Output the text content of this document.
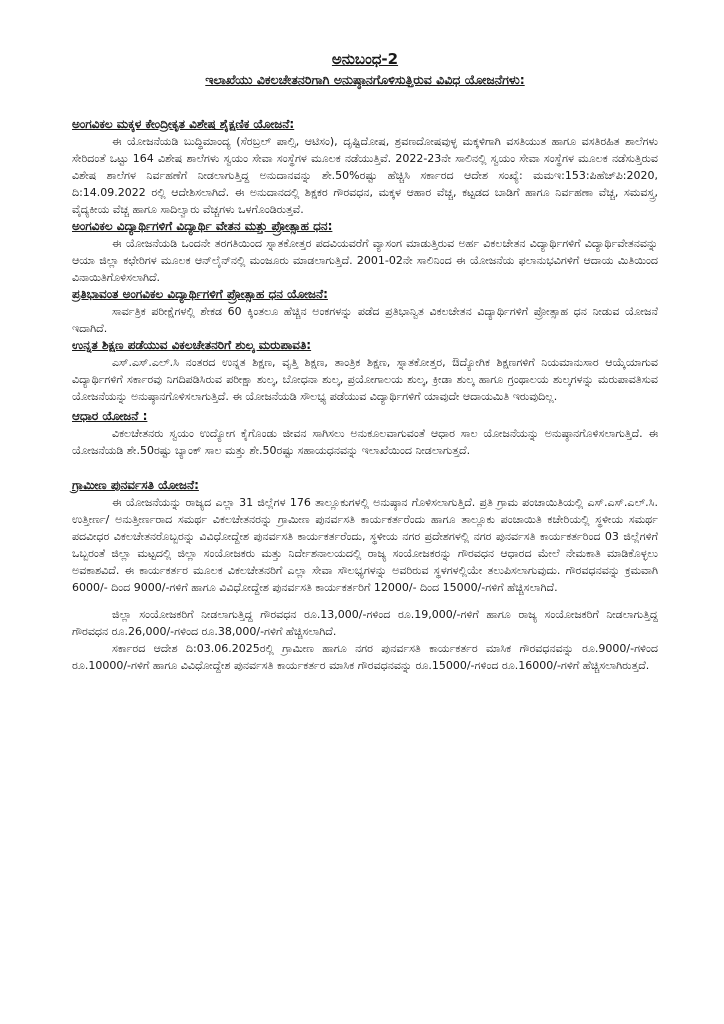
ಅನುಬಂಧ-2
ಇಲಾಖೆಯು ವಿಕಲಚೇತನರಿಗಾಗಿ ಅನುಷ್ಠಾನಗೊಳಿಸುತ್ತಿರುವ ವಿವಿಧ ಯೋಜನೆಗಳು:

ಅಂಗವಿಕಲ ಮಕ್ಕಳ ಕೇಂದ್ರೀಕೃತ ವಿಶೇಷ ಶೈಕ್ಷಣಿಕ ಯೋಜನೆ:

ಈ ಯೋಜನೆಯಡಿ ಬುದ್ಧಿಮಾಂದ್ಯ (ಸೆರಬ್ರಲ್ ಪಾಲ್ಸಿ, ಆಟಿಸಂ), ದೃಷ್ಟಿದೋಷ, ಶ್ರವಣದೋಷವುಳ್ಳ ಮಕ್ಕಳಿಗಾಗಿ ವಸತಿಯುತ ಹಾಗೂ ವಸತಿರಹಿತ ಶಾಲೆಗಳು ಸೇರಿದಂತೆ ಒಟ್ಟು 164 ವಿಶೇಷ ಶಾಲೆಗಳು ಸ್ವಯಂ ಸೇವಾ ಸಂಸ್ಥೆಗಳ ಮೂಲಕ ನಡೆಯುತ್ತಿವೆ. 2022-23ನೇ ಸಾಲಿನಲ್ಲಿ ಸ್ವಯಂ ಸೇವಾ ಸಂಸ್ಥೆಗಳ ಮೂಲಕ ನಡೆಸುತ್ತಿರುವ ವಿಶೇಷ ಶಾಲೆಗಳ ನಿರ್ವಹಣೆಗೆ ನೀಡಲಾಗುತ್ತಿದ್ದ ಅನುದಾನವನ್ನು ಶೇ.50%ರಷ್ಟು ಹೆಚ್ಚಿಸಿ ಸರ್ಕಾರದ ಆದೇಶ ಸಂಖ್ಯೆ: ಮಮಇ:153:ಪಿಹೆಚ್‌ಪಿ:2020, ದಿ:14.09.2022 ರಲ್ಲಿ ಆದೇಶಿಸಲಾಗಿದೆ. ಈ ಅನುದಾನದಲ್ಲಿ ಶಿಕ್ಷಕರ ಗೌರವಧನ, ಮಕ್ಕಳ ಆಹಾರ ವೆಚ್ಚ, ಕಟ್ಟಡದ ಬಾಡಿಗೆ ಹಾಗೂ ನಿರ್ವಹಣಾ ವೆಚ್ಚ, ಸಮವಸ್ತ್ರ, ವೈದ್ಯಕೀಯ ವೆಚ್ಚ ಹಾಗೂ ಸಾದಿಲ್ವಾರು ವೆಚ್ಚಗಳು ಒಳಗೊಂಡಿರುತ್ತವೆ.

ಅಂಗವಿಕಲ ವಿದ್ಯಾರ್ಥಿಗಳಿಗೆ ವಿದ್ಯಾರ್ಥಿ ವೇತನ ಮತ್ತು ಪ್ರೋತ್ಸಾಹ ಧನ:

ಈ ಯೋಜನೆಯಡಿ ಒಂದನೇ ತರಗತಿಯಿಂದ ಸ್ನಾತಕೋತ್ತರ ಪದವಿಯವರೆಗೆ ವ್ಯಾಸಂಗ ಮಾಡುತ್ತಿರುವ ಅರ್ಹ ವಿಕಲಚೇತನ ವಿದ್ಯಾರ್ಥಿಗಳಿಗೆ ವಿದ್ಯಾರ್ಥಿವೇತನವನ್ನು ಆಯಾ ಜಿಲ್ಲಾ ಕಛೇರಿಗಳ ಮೂಲಕ ಆನ್‌ಲೈನ್‌ನಲ್ಲಿ ಮಂಜೂರು ಮಾಡಲಾಗುತ್ತಿದೆ. 2001-02ನೇ ಸಾಲಿನಿಂದ ಈ ಯೋಜನೆಯ ಫಲಾನುಭವಿಗಳಿಗೆ ಆದಾಯ ಮಿತಿಯಿಂದ ವಿನಾಯಿತಿಗೊಳಿಸಲಾಗಿದೆ.

ಪ್ರತಿಭಾವಂತ ಅಂಗವಿಕಲ ವಿದ್ಯಾರ್ಥಿಗಳಿಗೆ ಪ್ರೋತ್ಸಾಹ ಧನ ಯೋಜನೆ:

ಸಾರ್ವತ್ರಿಕ ಪರೀಕ್ಷೆಗಳಲ್ಲಿ ಶೇಕಡ 60 ಕ್ಕಿಂತಲೂ ಹೆಚ್ಚಿನ ಅಂಕಗಳನ್ನು ಪಡೆದ ಪ್ರತಿಭಾನ್ವಿತ ವಿಕಲಚೇತನ ವಿದ್ಯಾರ್ಥಿಗಳಿಗೆ ಪ್ರೋತ್ಸಾಹ ಧನ ನೀಡುವ ಯೋಜನೆ ಇದಾಗಿದೆ.

ಉನ್ನತ ಶಿಕ್ಷಣ ಪಡೆಯುವ ವಿಕಲಚೇತನರಿಗೆ ಶುಲ್ಕ ಮರುಪಾವತಿ:

ಎಸ್.ಎಸ್.ಎಲ್.ಸಿ ನಂತರದ ಉನ್ನತ ಶಿಕ್ಷಣ, ವೃತ್ತಿ ಶಿಕ್ಷಣ, ತಾಂತ್ರಿಕ ಶಿಕ್ಷಣ, ಸ್ನಾತಕೋತ್ತರ, ಔದ್ಯೋಗಿಕ ಶಿಕ್ಷಣಗಳಿಗೆ ನಿಯಮಾನುಸಾರ ಆಯ್ಕೆಯಾಗುವ ವಿದ್ಯಾರ್ಥಿಗಳಿಗೆ ಸರ್ಕಾರವು ನಿಗದಿಪಡಿಸಿರುವ ಪರೀಕ್ಷಾ ಶುಲ್ಕ, ಬೋಧನಾ ಶುಲ್ಕ, ಪ್ರಯೋಗಾಲಯ ಶುಲ್ಕ, ಕ್ರೀಡಾ ಶುಲ್ಕ ಹಾಗೂ ಗ್ರಂಥಾಲಯ ಶುಲ್ಕಗಳನ್ನು ಮರುಪಾವತಿಸುವ ಯೋಜನೆಯನ್ನು ಅನುಷ್ಠಾನಗೊಳಿಸಲಾಗುತ್ತಿದೆ. ಈ ಯೋಜನೆಯಡಿ ಸೌಲಭ್ಯ ಪಡೆಯುವ ವಿದ್ಯಾರ್ಥಿಗಳಿಗೆ ಯಾವುದೇ ಆದಾಯಮಿತಿ ಇರುವುದಿಲ್ಲ.

ಆಧಾರ ಯೋಜನೆ :

ವಿಕಲಚೇತನರು ಸ್ವಯಂ ಉದ್ಯೋಗ ಕೈಗೊಂಡು ಜೀವನ ಸಾಗಿಸಲು ಅನುಕೂಲವಾಗುವಂತೆ ಆಧಾರ ಸಾಲ ಯೋಜನೆಯನ್ನು ಅನುಷ್ಠಾನಗೊಳಿಸಲಾಗುತ್ತಿದೆ. ಈ ಯೋಜನೆಯಡಿ ಶೇ.50ರಷ್ಟು ಬ್ಯಾಂಕ್ ಸಾಲ ಮತ್ತು ಶೇ.50ರಷ್ಟು ಸಹಾಯಧನವನ್ನು ಇಲಾಖೆಯಿಂದ ನೀಡಲಾಗುತ್ತದೆ.

ಗ್ರಾಮೀಣ ಪುನರ್ವಸತಿ ಯೋಜನೆ:

ಈ ಯೋಜನೆಯನ್ನು ರಾಜ್ಯದ ಎಲ್ಲಾ 31 ಜಿಲ್ಲೆಗಳ 176 ತಾಲ್ಲೂಕುಗಳಲ್ಲಿ ಅನುಷ್ಠಾನ ಗೊಳಿಸಲಾಗುತ್ತಿದೆ. ಪ್ರತಿ ಗ್ರಾಮ ಪಂಚಾಯಿತಿಯಲ್ಲಿ ಎಸ್.ಎಸ್.ಎಲ್.ಸಿ. ಉತ್ತೀರ್ಣ/ ಅನುತ್ತೀರ್ಣರಾದ ಸಮರ್ಥ ವಿಕಲಚೇತನರನ್ನು ಗ್ರಾಮೀಣ ಪುನರ್ವಸತಿ ಕಾರ್ಯಕರ್ತರೆಂದು ಹಾಗೂ ತಾಲ್ಲೂಕು ಪಂಚಾಯಿತಿ ಕಚೇರಿಯಲ್ಲಿ ಸ್ಥಳೀಯ ಸಮರ್ಥ ಪದವೀಧರ ವಿಕಲಚೇತನರೊಬ್ಬರನ್ನು ವಿವಿಧೋದ್ದೇಶ ಪುನರ್ವಸತಿ ಕಾರ್ಯಕರ್ತರೆಂದು, ಸ್ಥಳೀಯ ನಗರ ಪ್ರದೇಶಗಳಲ್ಲಿ ನಗರ ಪುನರ್ವಸತಿ ಕಾರ್ಯಕರ್ತರಿಂದ 03 ಜಿಲ್ಲೆಗಳಿಗೆ ಒಬ್ಬರಂತೆ ಜಿಲ್ಲಾ ಮಟ್ಟದಲ್ಲಿ ಜಿಲ್ಲಾ ಸಂಯೋಜಕರು ಮತ್ತು ನಿರ್ದೇಶನಾಲಯದಲ್ಲಿ ರಾಜ್ಯ ಸಂಯೋಜಕರನ್ನು ಗೌರವಧನ ಆಧಾರದ ಮೇಲೆ ನೇಮಕಾತಿ ಮಾಡಿಕೊಳ್ಳಲು ಅವಕಾಶವಿದೆ. ಈ ಕಾರ್ಯಕರ್ತರ ಮೂಲಕ ವಿಕಲಚೇತನರಿಗೆ ಎಲ್ಲಾ ಸೇವಾ ಸೌಲಭ್ಯಗಳನ್ನು ಅವರಿರುವ ಸ್ಥಳಗಳಲ್ಲಿಯೇ ತಲುಪಿಸಲಾಗುವುದು. ಗೌರವಧನವನ್ನು ಕ್ರಮವಾಗಿ 6000/- ದಿಂದ 9000/-ಗಳಿಗೆ ಹಾಗೂ ವಿವಿಧೋದ್ದೇಶ ಪುನರ್ವಸತಿ ಕಾರ್ಯಕರ್ತರಿಗೆ 12000/- ದಿಂದ 15000/-ಗಳಿಗೆ ಹೆಚ್ಚಿಸಲಾಗಿದೆ.

ಜಿಲ್ಲಾ ಸಂಯೋಜಕರಿಗೆ ನೀಡಲಾಗುತ್ತಿದ್ದ ಗೌರವಧನ ರೂ.13,000/-ಗಳಿಂದ ರೂ.19,000/-ಗಳಿಗೆ ಹಾಗೂ ರಾಜ್ಯ ಸಂಯೋಜಕರಿಗೆ ನೀಡಲಾಗುತ್ತಿದ್ದ ಗೌರವಧನ ರೂ.26,000/-ಗಳಿಂದ ರೂ.38,000/-ಗಳಿಗೆ ಹೆಚ್ಚಿಸಲಾಗಿದೆ.

ಸರ್ಕಾರದ ಆದೇಶ ದಿ:03.06.2025ರಲ್ಲಿ ಗ್ರಾಮೀಣ ಹಾಗೂ ನಗರ ಪುನರ್ವಸತಿ ಕಾರ್ಯಕರ್ತರ ಮಾಸಿಕ ಗೌರವಧನವನ್ನು ರೂ.9000/-ಗಳಿಂದ ರೂ.10000/-ಗಳಿಗೆ ಹಾಗೂ ವಿವಿಧೋದ್ದೇಶ ಪುನರ್ವಸತಿ ಕಾರ್ಯಕರ್ತರ ಮಾಸಿಕ ಗೌರವಧನವನ್ನು ರೂ.15000/-ಗಳಿಂದ ರೂ.16000/-ಗಳಿಗೆ ಹೆಚ್ಚಿಸಲಾಗಿರುತ್ತದೆ.
